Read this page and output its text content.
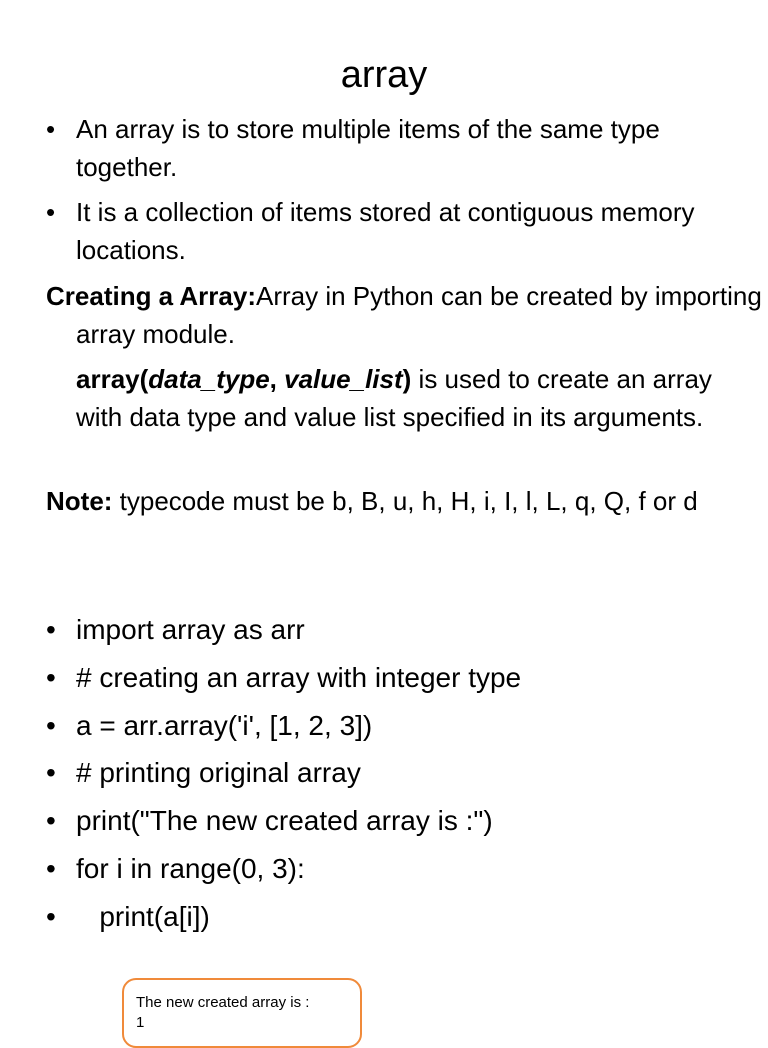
array
• An array is to store multiple items of the same type together.
• It is a collection of items stored at contiguous memory locations.
Creating a Array:Array in Python can be created by importing array module.
array(data_type, value_list) is used to create an array with data type and value list specified in its arguments.
Note: typecode must be b, B, u, h, H, i, I, l, L, q, Q, f or d
• import array as arr
• # creating an array with integer type
• a = arr.array('i', [1, 2, 3])
• # printing original array
• print("The new created array is :")
• for i in range(0, 3):
• print(a[i])
The new created array is :
1
